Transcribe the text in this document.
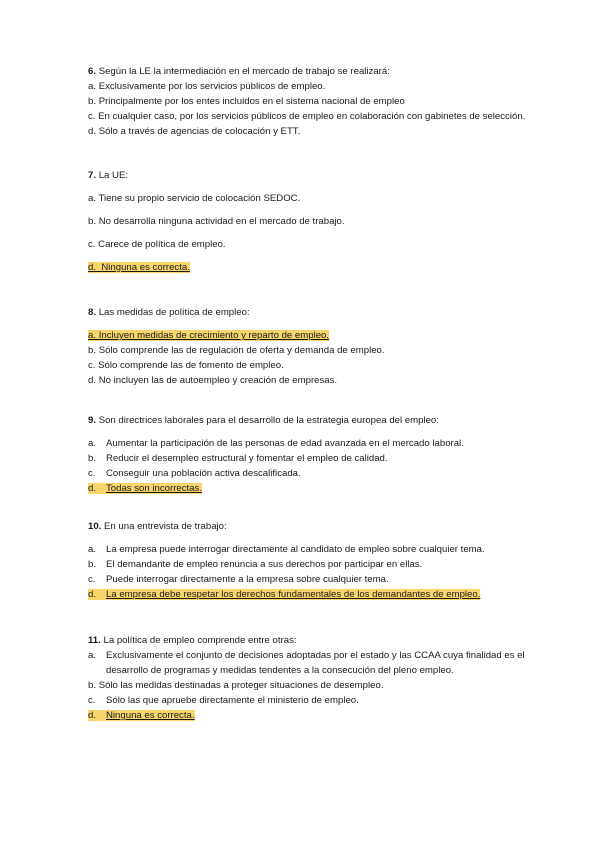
6. Según la LE la intermediación en el mercado de trabajo se realizará:

a. Exclusivamente por los servicios públicos de empleo.

b. Principalmente por los entes incluidos en el sistema nacional de empleo

c. En cualquier caso, por los servicios públicos de empleo en colaboración con gabinetes de selección.

d. Sólo a través de agencias de colocación y ETT.

7. La UE:

a. Tiene su propio servicio de colocación SEDOC.

b. No desarrolla ninguna actividad en el mercado de trabajo.

c. Carece de política de empleo.

d. Ninguna es correcta.

8. Las medidas de política de empleo:

a. Incluyen medidas de crecimiento y reparto de empleo.

b. Sólo comprende las de regulación de oferta y demanda de empleo.

c. Sólo comprende las de fomento de empleo.

d. No incluyen las de autoempleo y creación de empresas.

9. Son directrices laborales para el desarrollo de la estrategia europea del empleo:

a. Aumentar la participación de las personas de edad avanzada en el mercado laboral.

b. Reducir el desempleo estructural y fomentar el empleo de calidad.

c. Conseguir una población activa descalificada.

d. Todas son incorrectas.

10. En una entrevista de trabajo:

a. La empresa puede interrogar directamente al candidato de empleo sobre cualquier tema.

b. El demandante de empleo renuncia a sus derechos por participar en ellas.

c. Puede interrogar directamente a la empresa sobre cualquier tema.

d. La empresa debe respetar los derechos fundamentales de los demandantes de empleo.

11. La política de empleo comprende entre otras:

a. Exclusivamente el conjunto de decisiones adoptadas por el estado y las CCAA cuya finalidad es el desarrollo de programas y medidas tendentes a la consecución del pleno empleo.

b. Sólo las medidas destinadas a proteger situaciones de desempleo.

c. Sólo las que apruebe directamente el ministerio de empleo.

d. Ninguna es correcta.
